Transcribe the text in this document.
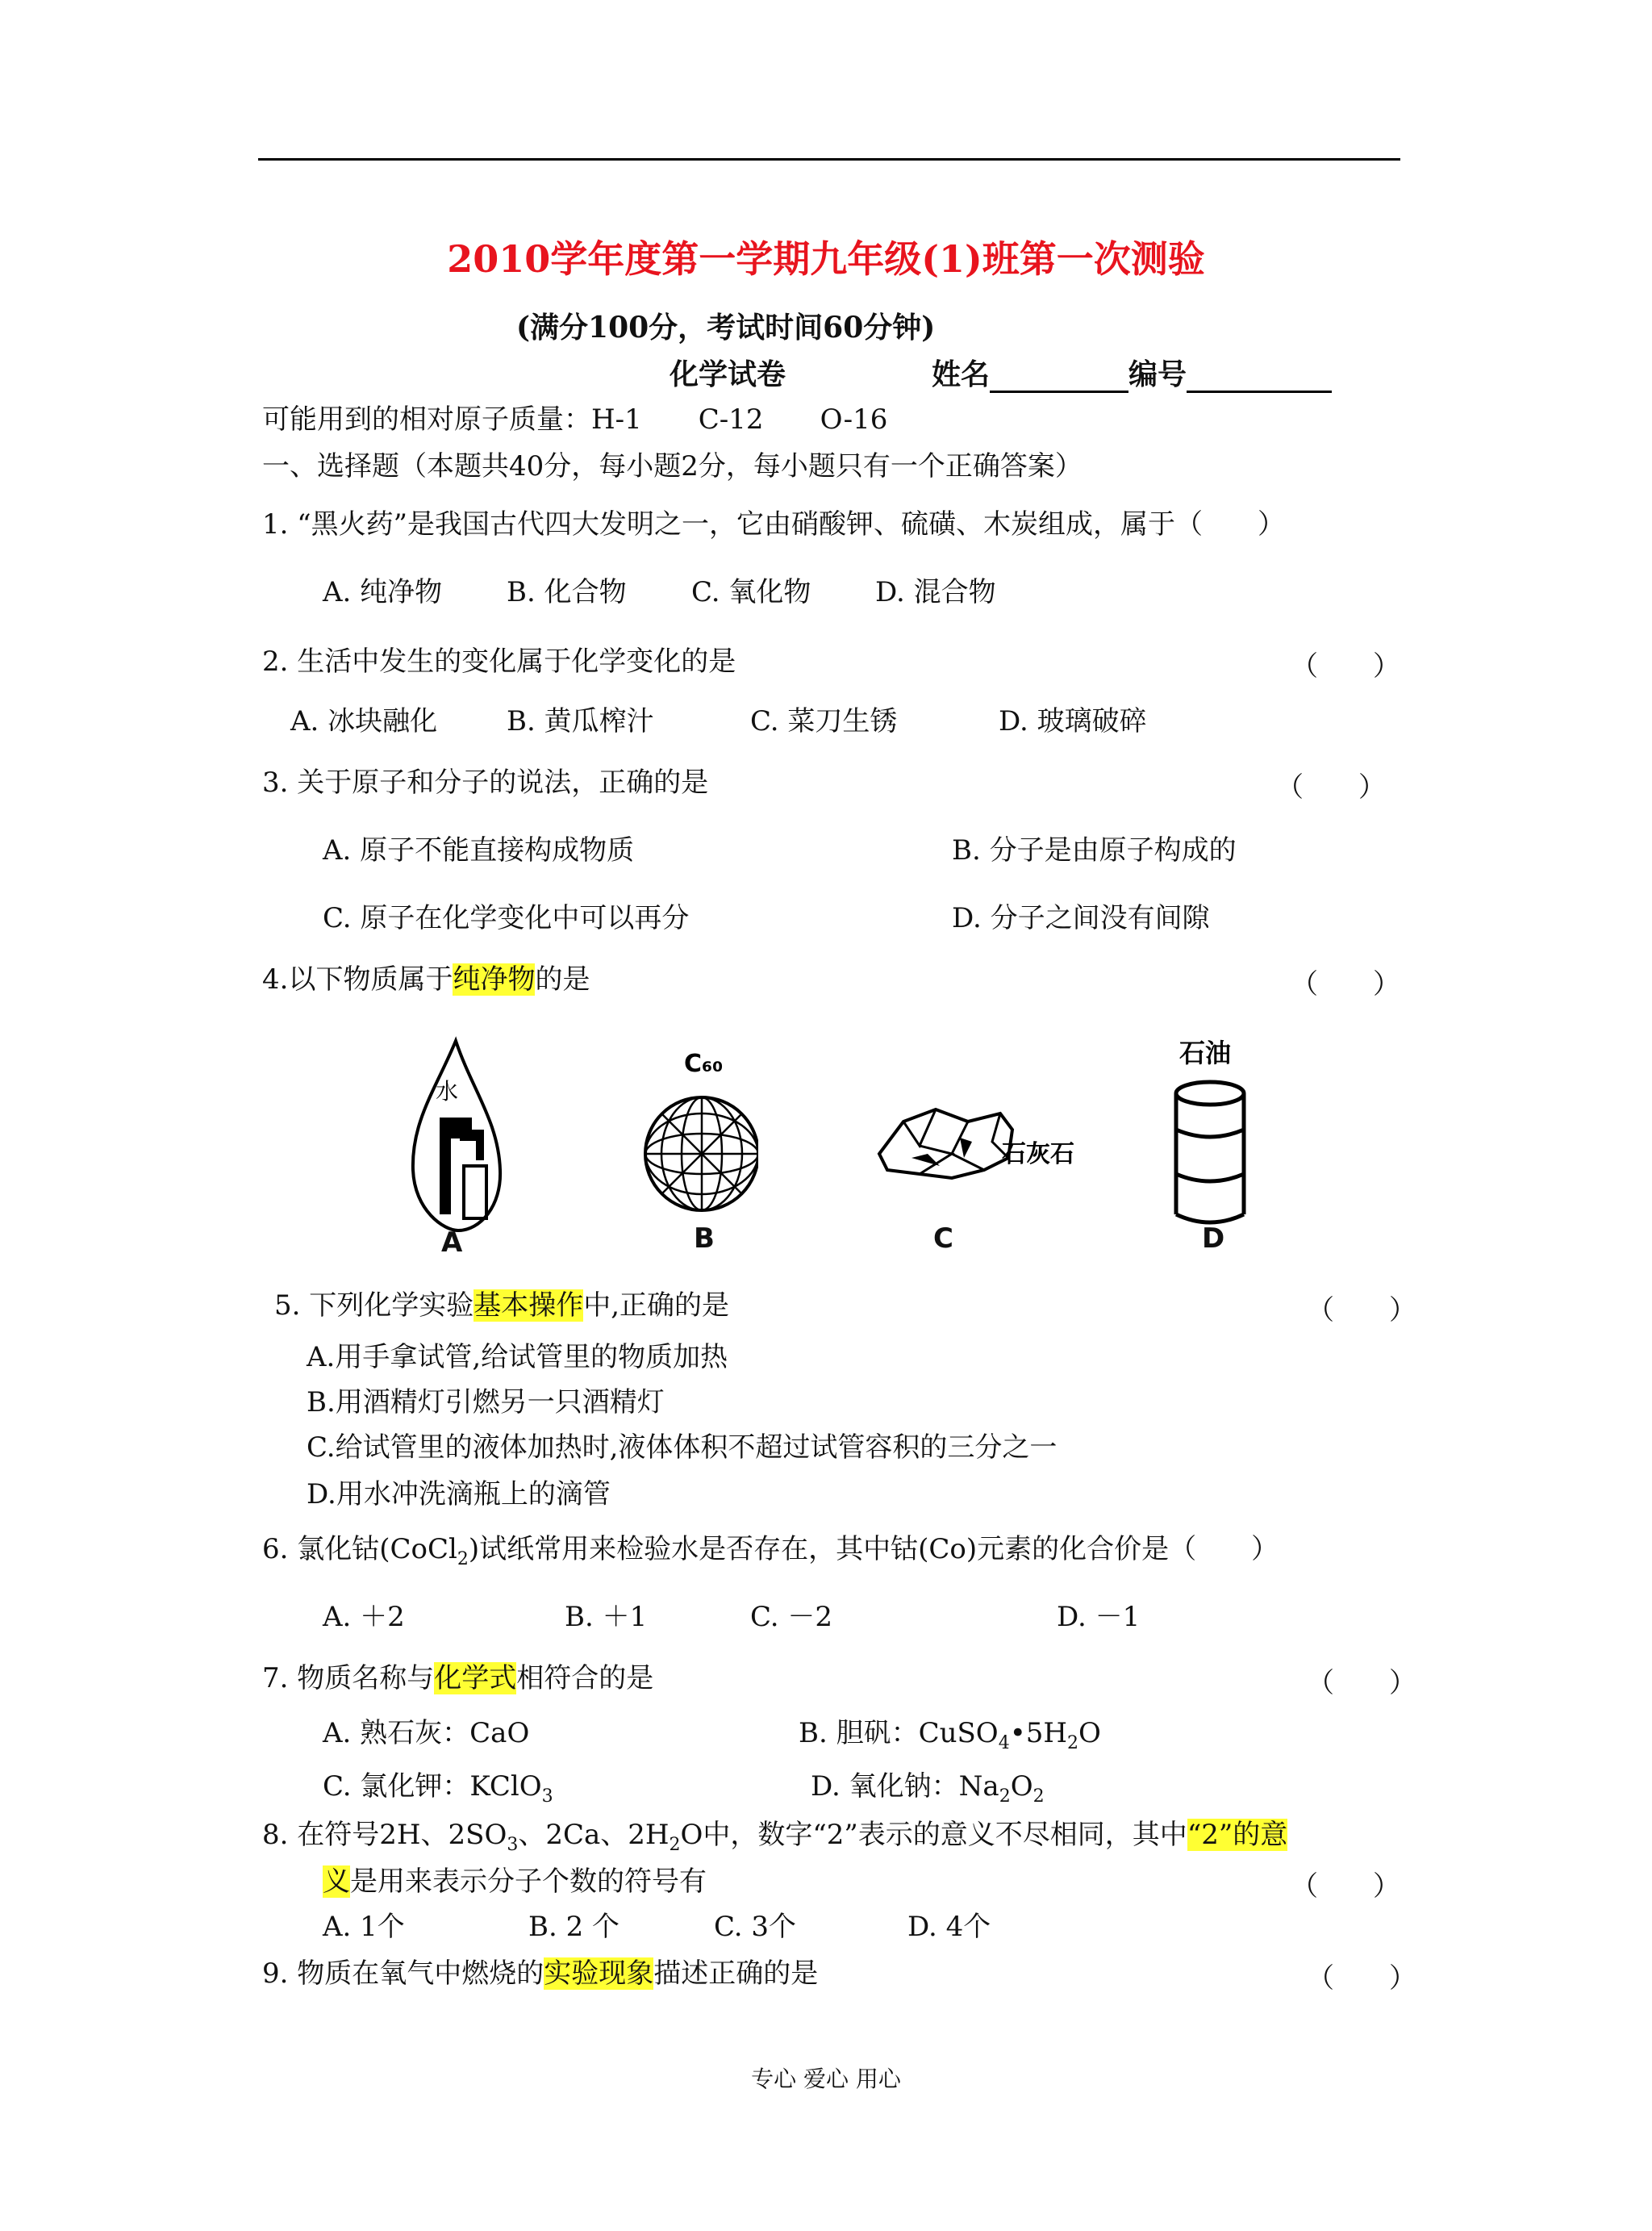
2010学年度第一学期九年级(1)班第一次测验
(满分100分，考试时间60分钟)
化学试卷	姓名	编号
可能用到的相对原子质量：H-1 C-12 O-16
一、选择题（本题共40分，每小题2分，每小题只有一个正确答案）
1. “黑火药”是我国古代四大发明之一，它由硝酸钾、硫磺、木炭组成，属于（　　）
A. 纯净物 B. 化合物 C. 氧化物 D. 混合物
2. 生活中发生的变化属于化学变化的是	（　　）
A. 冰块融化	B. 黄瓜榨汁	C. 菜刀生锈	D. 玻璃破碎
3. 关于原子和分子的说法，正确的是	（　　）
A. 原子不能直接构成物质	B. 分子是由原子构成的
C. 原子在化学变化中可以再分	D. 分子之间没有间隙
4.以下物质属于纯净物的是	（　　）
水
C₆₀
石灰石
石油
A	B	C	D
5. 下列化学实验基本操作中,正确的是	（　　）
A.用手拿试管,给试管里的物质加热
B.用酒精灯引燃另一只酒精灯
C.给试管里的液体加热时,液体体积不超过试管容积的三分之一
D.用水冲洗滴瓶上的滴管
6. 氯化钴(CoCl$_2$)试纸常用来检验水是否存在，其中钴(Co)元素的化合价是（　　）
A. ＋2	B. ＋1	C. －2	D. －1
7. 物质名称与化学式相符合的是	（　　）
A. 熟石灰：CaO	B. 胆矾：$CuSO_4•5H_2O$
C. 氯化钾：KClO$_3$	D. 氧化钠：$Na_2O_2$
8. 在符号2H、$2SO_3$、2Ca、$2H_2O$中，数字“2”表示的意义不尽相同，其中“2”的意
义是用来表示分子个数的符号有	（　　）
A. 1个	B. 2 个	C. 3个	D. 4个
9. 物质在氧气中燃烧的实验现象描述正确的是	（　　）
专心 爱心 用心
